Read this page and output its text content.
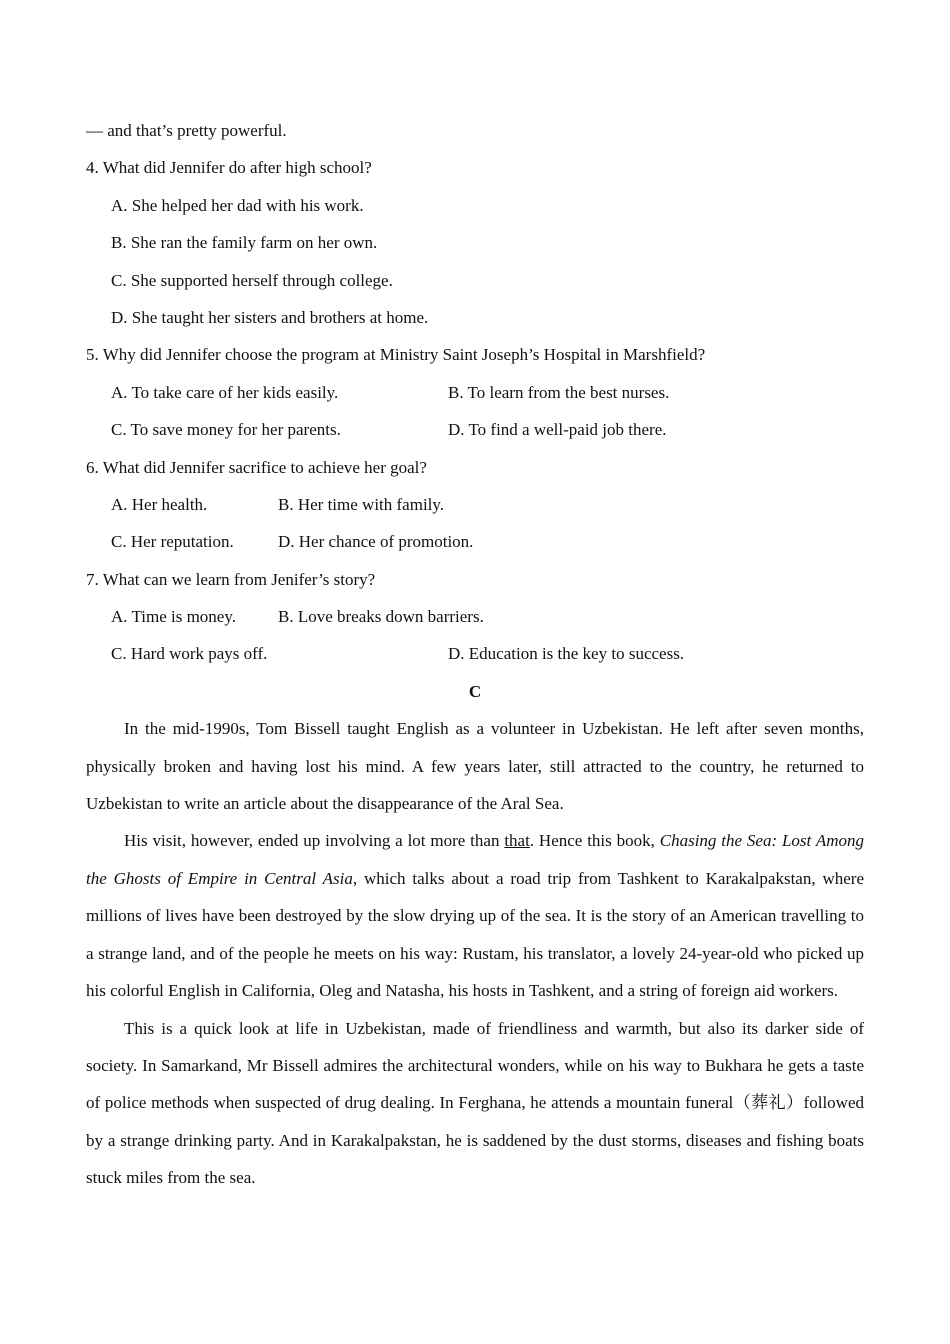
— and that’s pretty powerful.
4. What did Jennifer do after high school?
A. She helped her dad with his work.
B. She ran the family farm on her own.
C. She supported herself through college.
D. She taught her sisters and brothers at home.
5. Why did Jennifer choose the program at Ministry Saint Joseph’s Hospital in Marshfield?
A. To take care of her kids easily.	B. To learn from the best nurses.
C. To save money for her parents.	D. To find a well-paid job there.
6. What did Jennifer sacrifice to achieve her goal?
A. Her health.	B. Her time with family.
C. Her reputation.	D. Her chance of promotion.
7. What can we learn from Jenifer’s story?
A. Time is money.	B. Love breaks down barriers.
C. Hard work pays off.	D. Education is the key to success.
C

In the mid-1990s, Tom Bissell taught English as a volunteer in Uzbekistan. He left after seven months, physically broken and having lost his mind. A few years later, still attracted to the country, he returned to Uzbekistan to write an article about the disappearance of the Aral Sea.

His visit, however, ended up involving a lot more than that. Hence this book, Chasing the Sea: Lost Among the Ghosts of Empire in Central Asia, which talks about a road trip from Tashkent to Karakalpakstan, where millions of lives have been destroyed by the slow drying up of the sea. It is the story of an American travelling to a strange land, and of the people he meets on his way: Rustam, his translator, a lovely 24-year-old who picked up his colorful English in California, Oleg and Natasha, his hosts in Tashkent, and a string of foreign aid workers.

This is a quick look at life in Uzbekistan, made of friendliness and warmth, but also its darker side of society. In Samarkand, Mr Bissell admires the architectural wonders, while on his way to Bukhara he gets a taste of police methods when suspected of drug dealing. In Ferghana, he attends a mountain funeral（葬礼）followed by a strange drinking party. And in Karakalpakstan, he is saddened by the dust storms, diseases and fishing boats stuck miles from the sea.
